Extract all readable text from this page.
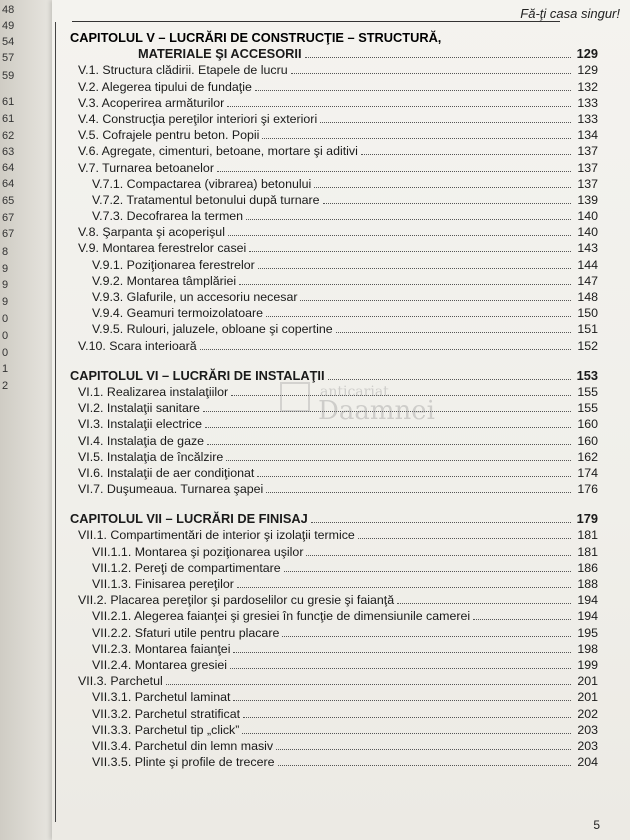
48
49
54
57
59
61
61
62
63
64
64
65
67
67
8
9
9
9
0
0
0
1
2
Fă-ţi casa singur!
CAPITOLUL V – LUCRĂRI DE CONSTRUCŢIE – STRUCTURĂ,
MATERIALE ŞI ACCESORII	129
V.1. Structura clădirii. Etapele de lucru	129
V.2. Alegerea tipului de fundaţie	132
V.3. Acoperirea armăturilor	133
V.4. Construcţia pereţilor interiori şi exteriori	133
V.5. Cofrajele pentru beton. Popii	134
V.6. Agregate, cimenturi, betoane, mortare şi aditivi	137
V.7. Turnarea betoanelor	137
V.7.1. Compactarea (vibrarea) betonului	137
V.7.2. Tratamentul betonului după turnare	139
V.7.3. Decofrarea la termen	140
V.8. Şarpanta şi acoperişul	140
V.9. Montarea ferestrelor casei	143
V.9.1. Poziţionarea ferestrelor	144
V.9.2. Montarea tâmplăriei	147
V.9.3. Glafurile, un accesoriu necesar	148
V.9.4. Geamuri termoizolatoare	150
V.9.5. Rulouri, jaluzele, obloane şi copertine	151
V.10. Scara interioară	152
CAPITOLUL VI – LUCRĂRI DE INSTALAŢII	153
VI.1. Realizarea instalaţiilor	155
VI.2. Instalaţii sanitare	155
VI.3. Instalaţii electrice	160
VI.4. Instalaţia de gaze	160
VI.5. Instalaţia de încălzire	162
VI.6. Instalaţii de aer condiţionat	174
VI.7. Duşumeaua. Turnarea şapei	176
CAPITOLUL VII – LUCRĂRI DE FINISAJ	179
VII.1. Compartimentări de interior şi izolaţii termice	181
VII.1.1. Montarea şi poziţionarea uşilor	181
VII.1.2. Pereţi de compartimentare	186
VII.1.3. Finisarea pereţilor	188
VII.2. Placarea pereţilor şi pardoselilor cu gresie şi faianţă	194
VII.2.1. Alegerea faianţei şi gresiei în funcţie de dimensiunile camerei	194
VII.2.2. Sfaturi utile pentru placare	195
VII.2.3. Montarea faianţei	198
VII.2.4. Montarea gresiei	199
VII.3. Parchetul	201
VII.3.1. Parchetul laminat	201
VII.3.2. Parchetul stratificat	202
VII.3.3. Parchetul tip „click”	203
VII.3.4. Parchetul din lemn masiv	203
VII.3.5. Plinte şi profile de trecere	204
anticariat
Daamnei
5
